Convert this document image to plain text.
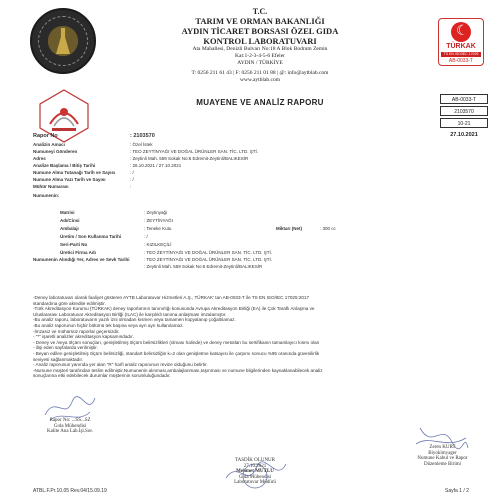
☾
TÜRKAK
TS EN ISO/IEC 17025
AB-0033-T
T.C.
TARIM VE ORMAN BAKANLIĞI
AYDIN TİCARET BORSASI ÖZEL GIDA
KONTROL LABORATUVARI
Ata Mahallesi, Denizli Bulvarı No:18 A Blok Bodrum Zemin
Kat:1-2-3-4-5-6 Efeler
AYDIN / TÜRKİYE
T: 0256 211 61 43 | F: 0256 211 01 88 | @: info@aytblab.com
www.aytblab.com
MUAYENE VE ANALİZ RAPORU	AB-0033-T
2103570
10-21
27.10.2021
Rapor No	: 2103570
Analizin Amacı	: Özel İstek
Numuneyi Gönderen	: TEO ZEYTİNYAĞI VE DOĞAL ÜRÜNLER SAN. TİC. LTD. ŞTİ.
Adres	: Zeytinli Mah. 559 Sokak No:6 Edremit-Zeytinli/BALIKESİR
Analize Başlama / Bitiş Tarihi	: 26.10.2021 / 27.10.2021
Numune Alma Tutanağı Tarih ve Sayısı	: /
Numune Alma Yazı Tarih ve Sayısı	: /
Mühür Numarası	:
Numunenin:
Matrisi	: Zeytinyağı
Adı/Cinsi	: ZEYTİNYAĞI
Ambalajı	: Teneke Kutu	Miktarı (Net)	: 300 cc
Üretim / Son Kullanma Tarihi	: /
Seri-Parti No	: KIZILKEÇİLİ
Üretici Firma Adı	: TEO ZEYTİNYAĞI VE DOĞAL ÜRÜNLER SAN. TİC. LTD. ŞTİ.
Numunenin Alındığı Yer, Adres ve Sevk Tarihi	: TEO ZEYTİNYAĞI VE DOĞAL ÜRÜNLER SAN. TİC. LTD. ŞTİ.
: Zeytinli Mah. 559 Sokak No:6 Edremit-Zeytinli/BALIKESİR
-Deney laboratuvarı olarak faaliyet gösteren AYTB Laboratuvar Hizmetleri A.Ş., TÜRKAK' tan AB-0033-T ile TS EN ISO/IEC 17025:2017
standardına göre akredite edilmiştir.
-Türk Akreditasyon Kurumu (TÜRKAK) deney raporlarının tanınırlığı konusunda Avrupa Akreditasyon Birliği (EA) ile Çok Taraflı Anlaşma ve
Uluslararası Laboratuvar Akreditasyon Birliği (ILAC) ile karşılıklı tanıma anlaşması imzalamıştır.
-Bu analiz raporu, laboratuvarın yazılı izni olmadan kısmen veya tamamen kopyalanıp çoğaltılamaz.
-Bu analiz raporunun hiçbir bölümü tek başına veya ayrı ayrı kullanılamaz.
-İmzasız ve mühürsüz raporlar geçersizdir.
- "*" işaretli analizler akreditasyon kapsamındadır.
- Deney ve /veya ölçüm sonuçları, genişletilmiş ölçüm belirsizlikleri (olması halinde) ve deney metotları bu sertifikanın tamamlayıcı kısmı olan
- ilişi eden sayfalarda verilmiştir.
- Beyan edilen genişletilmiş ölçüm belirsizliği, standart belirsizliğin k=2 olan genişletme katsayısı ile çarpımı sonucu %95 oranında güvenilirlik
seviyesi sağlanmaktadır.
- Analiz raporunun yanında yer alan "R" harfi analiz raporunun revize olduğunu belirtir.
-Numune müşteri tarafından teslim edilmiştir.Numunenin alınması,ambalajlanması,taşınması ve numune bilgilerinden kaynaklanabilecek analiz
sonuçlarına etki edebilecek durumlar müşterinin sorumluluğundadır.
Rapor No: ...SS...SZ
Gıda Mühendisi
Kalite Ana Lab.İşl.Sor.
Zeren KURT
Biyokimyager
Numune Kabul ve Rapor
Düzenleme Birimi
TASDİK OLUNUR
27.10.2021
Mehmet MUTLU
Gıda Mühendisi
Laboratuvar Müdürü
ATBL.F.Pr.10.05 Rev.04/15.09.19	Sayfa 1 / 2
